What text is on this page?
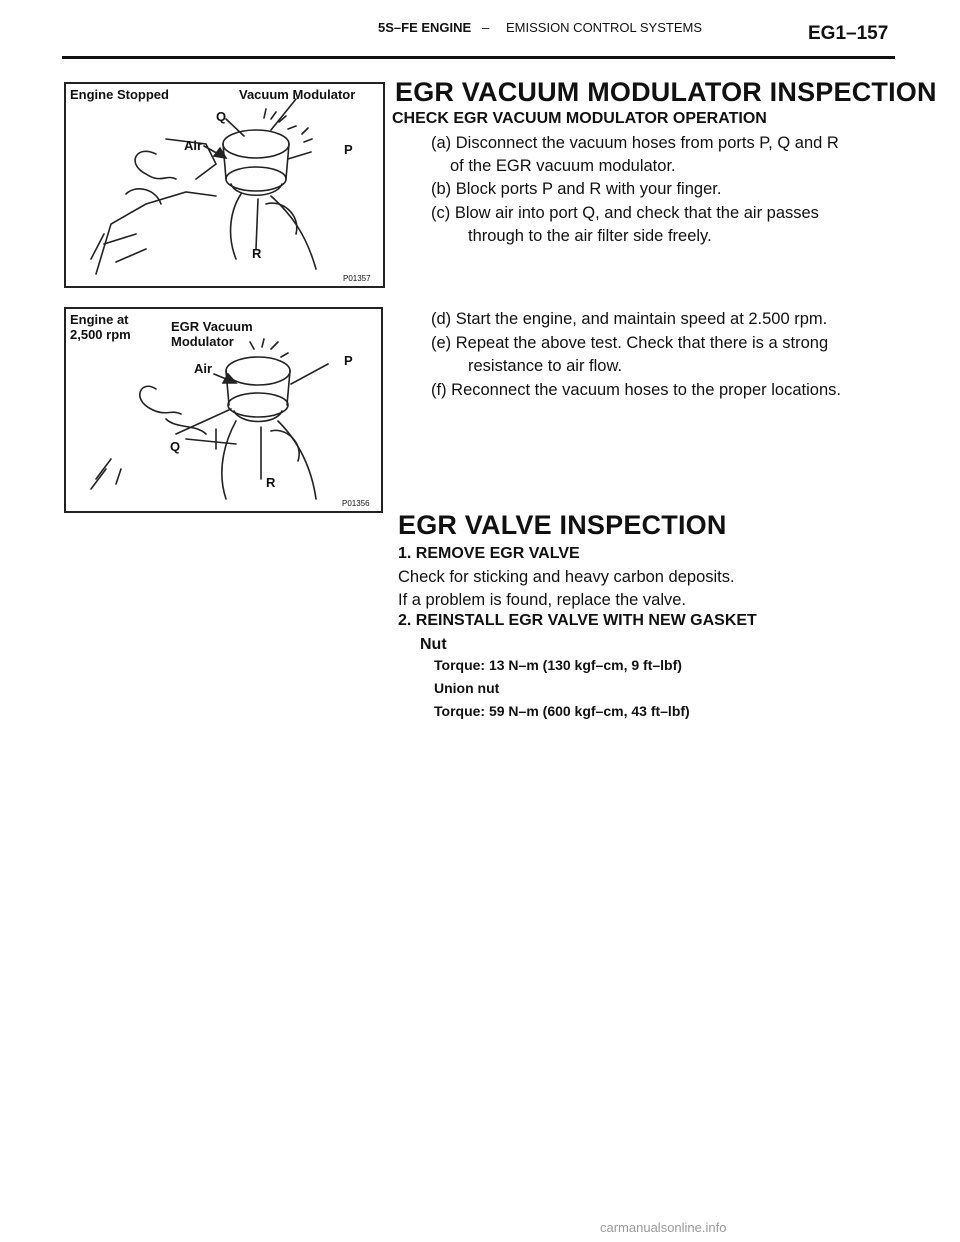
5S–FE ENGINE – EMISSION CONTROL SYSTEMS	EG1–157
Engine Stopped	Vacuum Modulator
Air
Q
P
R
P01357
Engine at
2,500 rpm
EGR Vacuum
Modulator
Air
Q
P
R
P01356
EGR VACUUM MODULATOR INSPECTION
CHECK EGR VACUUM MODULATOR OPERATION
(a) Disconnect the vacuum hoses from ports P, Q and R
of the EGR vacuum modulator.
(b) Block ports P and R with your finger.
(c) Blow air into port Q, and check that the air passes
through to the air filter side freely.
(d) Start the engine, and maintain speed at 2.500 rpm.
(e) Repeat the above test. Check that there is a strong
resistance to air flow.
(f) Reconnect the vacuum hoses to the proper locations.
EGR VALVE INSPECTION
1. REMOVE EGR VALVE
Check for sticking and heavy carbon deposits.
If a problem is found, replace the valve.
2. REINSTALL EGR VALVE WITH NEW GASKET
Nut
Torque: 13 N–m (130 kgf–cm, 9 ft–lbf)
Union nut
Torque: 59 N–m (600 kgf–cm, 43 ft–lbf)
carmanualsonline.info
